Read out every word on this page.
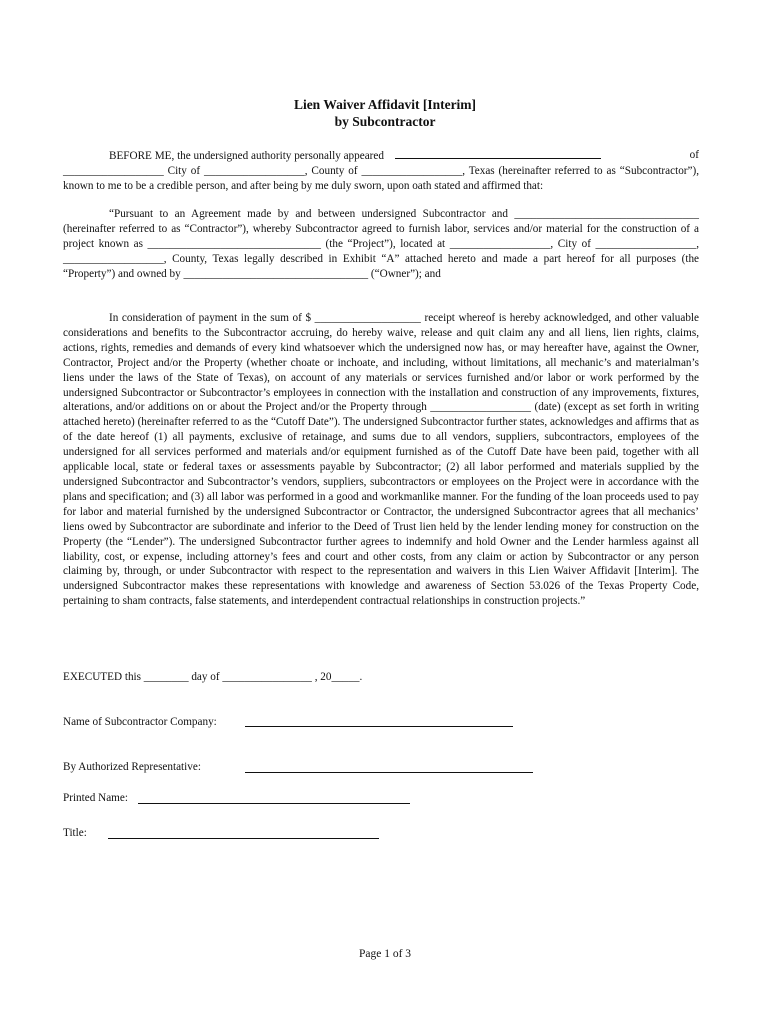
Lien Waiver Affidavit [Interim]
by Subcontractor

BEFORE ME, the undersigned authority personally appeared	of

__________________ City of __________________, County of __________________, Texas (hereinafter referred to as “Subcontractor”), known to me to be a credible person, and after being by me duly sworn, upon oath stated and affirmed that:

“Pursuant to an Agreement made by and between undersigned Subcontractor and _________________________________ (hereinafter referred to as “Contractor”), whereby Subcontractor agreed to furnish labor, services and/or material for the construction of a project known as _______________________________ (the “Project”), located at __________________, City of __________________, __________________, County, Texas legally described in Exhibit “A” attached hereto and made a part hereof for all purposes (the “Property”) and owned by _________________________________ (“Owner”); and

In consideration of payment in the sum of $ ___________________ receipt whereof is hereby acknowledged, and other valuable considerations and benefits to the Subcontractor accruing, do hereby waive, release and quit claim any and all liens, lien rights, claims, actions, rights, remedies and demands of every kind whatsoever which the undersigned now has, or may hereafter have, against the Owner, Contractor, Project and/or the Property (whether choate or inchoate, and including, without limitations, all mechanic’s and materialman’s liens under the laws of the State of Texas), on account of any materials or services furnished and/or labor or work performed by the undersigned Subcontractor or Subcontractor’s employees in connection with the installation and construction of any improvements, fixtures, alterations, and/or additions on or about the Project and/or the Property through __________________ (date) (except as set forth in writing attached hereto) (hereinafter referred to as the “Cutoff Date”). The undersigned Subcontractor further states, acknowledges and affirms that as of the date hereof (1) all payments, exclusive of retainage, and sums due to all vendors, suppliers, subcontractors, employees of the undersigned for all services performed and materials and/or equipment furnished as of the Cutoff Date have been paid, together with all applicable local, state or federal taxes or assessments payable by Subcontractor; (2) all labor performed and materials supplied by the undersigned Subcontractor and Subcontractor’s vendors, suppliers, subcontractors or employees on the Project were in accordance with the plans and specification; and (3) all labor was performed in a good and workmanlike manner. For the funding of the loan proceeds used to pay for labor and material furnished by the undersigned Subcontractor or Contractor, the undersigned Subcontractor agrees that all mechanics’ liens owed by Subcontractor are subordinate and inferior to the Deed of Trust lien held by the lender lending money for construction on the Property (the “Lender”). The undersigned Subcontractor further agrees to indemnify and hold Owner and the Lender harmless against all liability, cost, or expense, including attorney’s fees and court and other costs, from any claim or action by Subcontractor or any person claiming by, through, or under Subcontractor with respect to the representation and waivers in this Lien Waiver Affidavit [Interim]. The undersigned Subcontractor makes these representations with knowledge and awareness of Section 53.026 of the Texas Property Code, pertaining to sham contracts, false statements, and interdependent contractual relationships in construction projects.”

EXECUTED this ________ day of ________________ , 20_____.
Name of Subcontractor Company:
By Authorized Representative:
Printed Name:
Title:
Page 1 of 3
